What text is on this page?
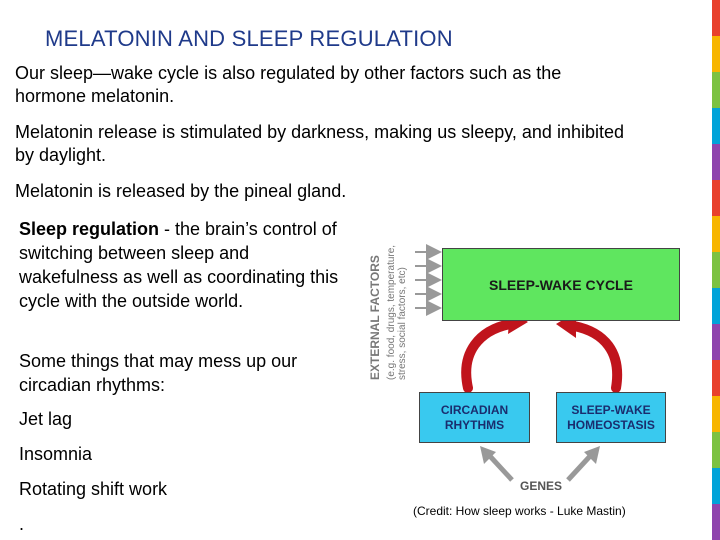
MELATONIN AND SLEEP REGULATION
Our sleep—wake cycle is also regulated by other factors such as the
hormone melatonin.
Melatonin release is stimulated by darkness, making us sleepy, and inhibited
by daylight.
Melatonin is released by the pineal gland.
Sleep regulation - the brain’s control of switching between sleep and wakefulness as well as coordinating this cycle with the outside world.
Some things that may mess up our circadian rhythms:
Jet lag
Insomnia
Rotating shift work
.
EXTERNAL FACTORS (e.g. food, drugs, temperature, stress, social factors, etc)	SLEEP-WAKE CYCLE
CIRCADIAN
RHYTHMS
SLEEP-WAKE
HOMEOSTASIS
GENES
(Credit: How sleep works - Luke Mastin)
